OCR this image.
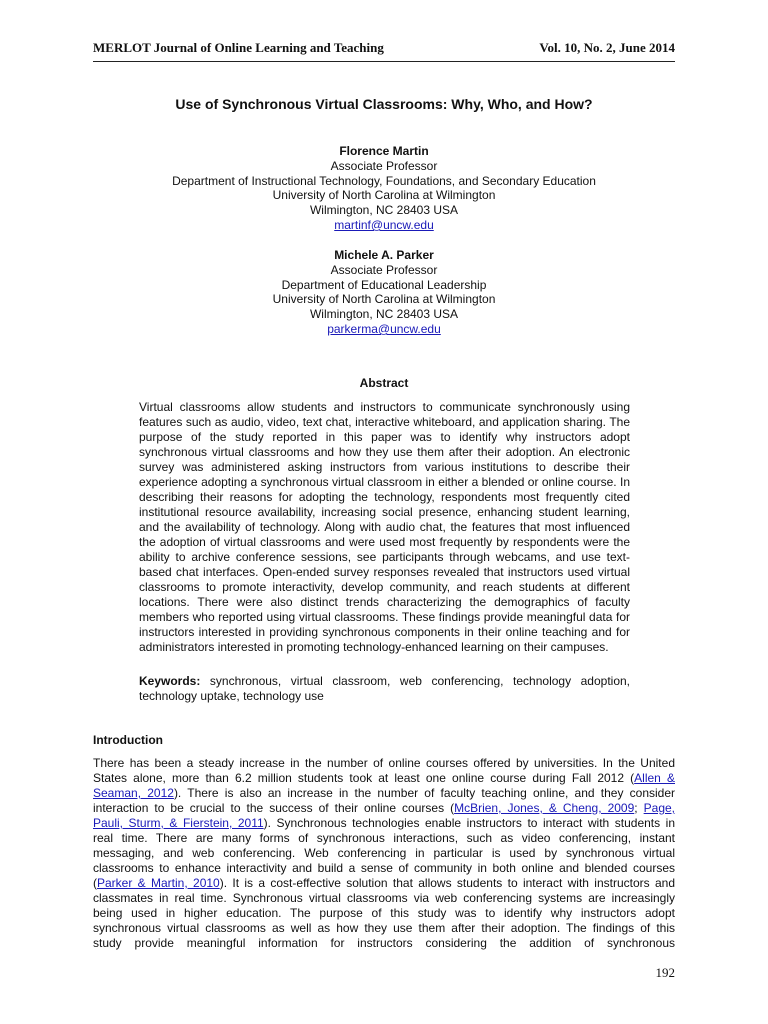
MERLOT Journal of Online Learning and Teaching	Vol. 10, No. 2, June 2014
Use of Synchronous Virtual Classrooms: Why, Who, and How?
Florence Martin
Associate Professor
Department of Instructional Technology, Foundations, and Secondary Education
University of North Carolina at Wilmington
Wilmington, NC 28403 USA
martinf@uncw.edu
Michele A. Parker
Associate Professor
Department of Educational Leadership
University of North Carolina at Wilmington
Wilmington, NC 28403 USA
parkerma@uncw.edu
Abstract
Virtual classrooms allow students and instructors to communicate synchronously using features such as audio, video, text chat, interactive whiteboard, and application sharing. The purpose of the study reported in this paper was to identify why instructors adopt synchronous virtual classrooms and how they use them after their adoption. An electronic survey was administered asking instructors from various institutions to describe their experience adopting a synchronous virtual classroom in either a blended or online course. In describing their reasons for adopting the technology, respondents most frequently cited institutional resource availability, increasing social presence, enhancing student learning, and the availability of technology. Along with audio chat, the features that most influenced the adoption of virtual classrooms and were used most frequently by respondents were the ability to archive conference sessions, see participants through webcams, and use text-based chat interfaces. Open-ended survey responses revealed that instructors used virtual classrooms to promote interactivity, develop community, and reach students at different locations. There were also distinct trends characterizing the demographics of faculty members who reported using virtual classrooms. These findings provide meaningful data for instructors interested in providing synchronous components in their online teaching and for administrators interested in promoting technology-enhanced learning on their campuses.
Keywords: synchronous, virtual classroom, web conferencing, technology adoption, technology uptake, technology use
Introduction
There has been a steady increase in the number of online courses offered by universities. In the United
States alone, more than 6.2 million students took at least one online course during Fall 2012 (Allen &
Seaman, 2012). There is also an increase in the number of faculty teaching online, and they consider
interaction to be crucial to the success of their online courses (McBrien, Jones, & Cheng, 2009; Page,
Pauli, Sturm, & Fierstein, 2011). Synchronous technologies enable instructors to interact with students in
real time. There are many forms of synchronous interactions, such as video conferencing, instant
messaging, and web conferencing. Web conferencing in particular is used by synchronous virtual
classrooms to enhance interactivity and build a sense of community in both online and blended courses
(Parker & Martin, 2010). It is a cost-effective solution that allows students to interact with instructors and
classmates in real time. Synchronous virtual classrooms via web conferencing systems are increasingly
being used in higher education. The purpose of this study was to identify why instructors adopt
synchronous virtual classrooms as well as how they use them after their adoption. The findings of this
study provide meaningful information for instructors considering the addition of synchronous
192
